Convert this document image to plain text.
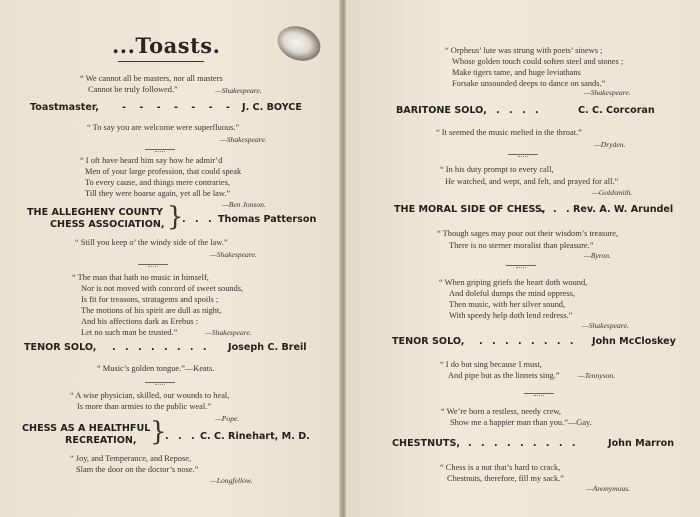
...Toasts.
“ We cannot all be masters, nor all masters
Cannot be truly followed.”	—Shakespeare.
Toastmaster, - - - - - - - J. C. BOYCE
“ To say you are welcome were superfluous.”
—Shakespeare.
“ I oft have heard him say how he admir’d
Men of your large profession, that could speak
To every cause, and things mere contraries,
Till they were hoarse again, yet all be law.”
—Ben Jonson.
THE ALLEGHENY COUNTY
CHESS ASSOCIATION, }
. . . Thomas Patterson
“ Still you keep o’ the windy side of the law.”
—Shakespeare.
“ The man that hath no music in himself,
Nor is not moved with concord of sweet sounds,
Is fit for treasons, stratagems and spoils ;
The motions of his spirit are dull as night,
And his affections dark as Erebus :
Let no such man be trusted.”	—Shakespeare.
TENOR SOLO, . . . . . . . . Joseph C. Breil
“ Music’s golden tongue.”—Keats.
“ A wise physician, skilled, our wounds to heal,
Is more than armies to the public weal.”
—Pope.
CHESS AS A HEALTHFUL
RECREATION, }
. . . C. C. Rinehart, M. D.
“ Joy, and Temperance, and Repose,
Slam the door on the doctor’s nose.”
—Longfellow.
“ Orpheus’ lute was strung with poets’ sinews ;
Whose golden touch could soften steel and stones ;
Make tigers tame, and huge leviathans
Forsake unsounded deeps to dance on sands.”
—Shakespeare.
BARITONE SOLO, . . . .	C. C. Corcoran
“ It seemed the music melted in the throat.”
—Dryden.
“ In his duty prompt to every call,
He watched, and wept, and felt, and prayed for all.”
—Goldsmith.
THE MORAL SIDE OF CHESS,
. . . Rev. A. W. Arundel
“ Though sages may pour out their wisdom’s treasure,
There is no sterner moralist than pleasure.”
—Byron.
“ When griping griefs the heart doth wound,
And doleful dumps the mind oppress,
Then music, with her silver sound,
With speedy help doth lend redress.”
—Shakespeare.
TENOR SOLO, . . . . . . . . John McCloskey
“ I do but sing because I must,
And pipe but as the linnets sing.” —Tennyson.
“ We’re born a restless, needy crew,
Show me a happier man than you.”—Gay.
CHESTNUTS, . . . . . . . . .	John Marron
“ Chess is a nut that’s hard to crack,
Chestnuts, therefore, fill my sack.”
—Anonymous.
